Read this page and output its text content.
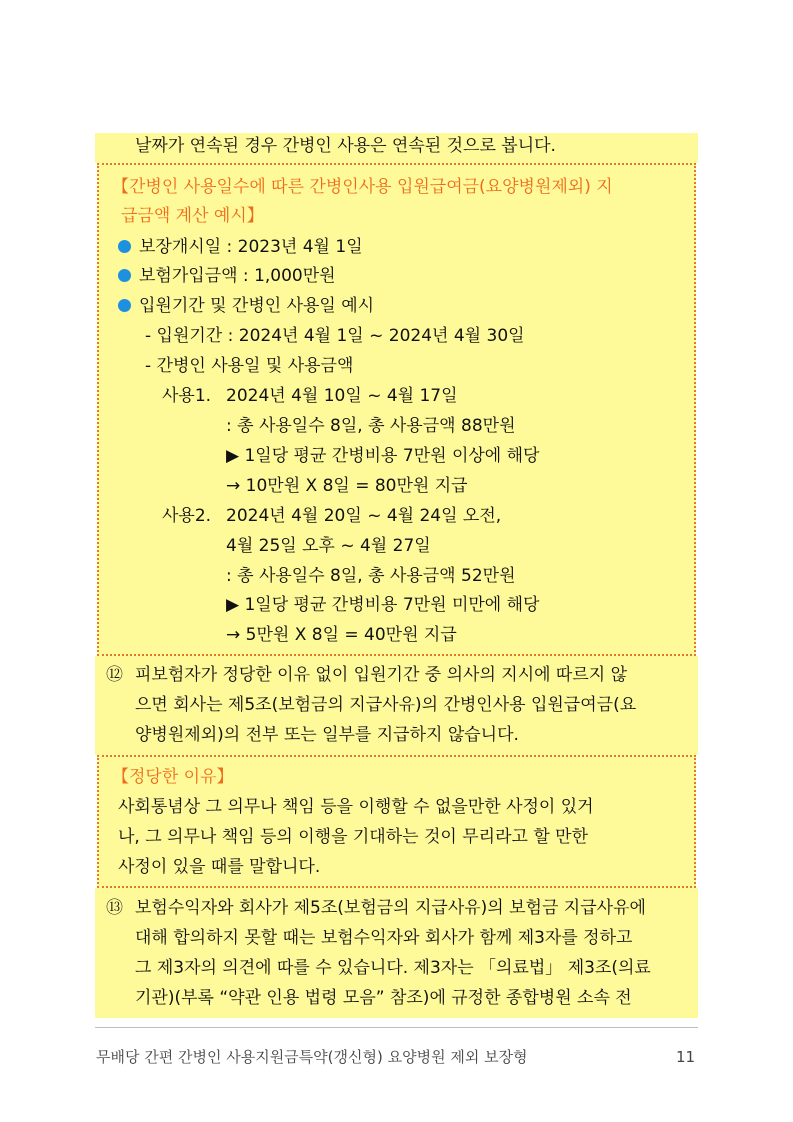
날짜가 연속된 경우 간병인 사용은 연속된 것으로 봅니다.
【간병인 사용일수에 따른 간병인사용 입원급여금(요양병원제외) 지
급금액 계산 예시】
보장개시일 : 2023년 4월 1일
보험가입금액 : 1,000만원
입원기간 및 간병인 사용일 예시
- 입원기간 : 2024년 4월 1일 ~ 2024년 4월 30일
- 간병인 사용일 및 사용금액
사용1. 2024년 4월 10일 ~ 4월 17일
: 총 사용일수 8일, 총 사용금액 88만원
▶ 1일당 평균 간병비용 7만원 이상에 해당
→ 10만원 X 8일 = 80만원 지급
사용2. 2024년 4월 20일 ~ 4월 24일 오전,
4월 25일 오후 ~ 4월 27일
: 총 사용일수 8일, 총 사용금액 52만원
▶ 1일당 평균 간병비용 7만원 미만에 해당
→ 5만원 X 8일 = 40만원 지급
⑫ 피보험자가 정당한 이유 없이 입원기간 중 의사의 지시에 따르지 않
으면 회사는 제5조(보험금의 지급사유)의 간병인사용 입원급여금(요
양병원제외)의 전부 또는 일부를 지급하지 않습니다.
【정당한 이유】
사회통념상 그 의무나 책임 등을 이행할 수 없을만한 사정이 있거
나, 그 의무나 책임 등의 이행을 기대하는 것이 무리라고 할 만한
사정이 있을 때를 말합니다.
⑬ 보험수익자와 회사가 제5조(보험금의 지급사유)의 보험금 지급사유에
대해 합의하지 못할 때는 보험수익자와 회사가 함께 제3자를 정하고
그 제3자의 의견에 따를 수 있습니다. 제3자는 「의료법」 제3조(의료
기관)(부록 “약관 인용 법령 모음” 참조)에 규정한 종합병원 소속 전
무배당 간편 간병인 사용지원금특약(갱신형) 요양병원 제외 보장형	11
